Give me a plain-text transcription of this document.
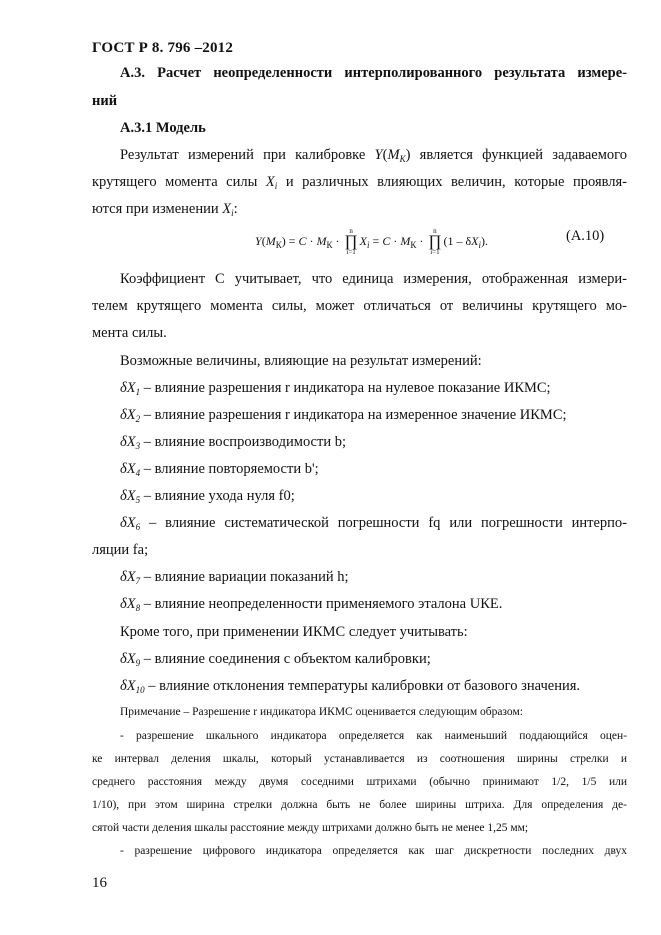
ГОСТ Р 8. 796 –2012
А.3. Расчет неопределенности интерполированного результата измере-
ний
А.3.1 Модель
Результат измерений при калибровке $Y(M_K)$ является функцией задаваемого
крутящего момента силы $X_i$ и различных влияющих величин, которые проявля-
ются при изменении $X_i$:
$Y(M_К) = C \cdot M_К$ ·
n
∏
i=1
$X_i = C \cdot M_К$ ·
n
∏
i=1
$(1 - \delta X_i)$.	(А.10)
Коэффициент C учитывает, что единица измерения, отображенная измери-
телем крутящего момента силы, может отличаться от величины крутящего мо-
мента силы.
Возможные величины, влияющие на результат измерений:
$\delta X_1$ – влияние разрешения r индикатора на нулевое показание ИКМС;
$\delta X_2$ – влияние разрешения r индикатора на измеренное значение ИКМС;
$\delta X_3$ – влияние воспроизводимости b;
$\delta X_4$ – влияние повторяемости b';
$\delta X_5$ – влияние ухода нуля f0;
$\delta X_6$ – влияние систематической погрешности fq или погрешности интерпо-
ляции fa;
$\delta X_7$ – влияние вариации показаний h;
$\delta X_8$ – влияние неопределенности применяемого эталона UКЕ.
Кроме того, при применении ИКМС следует учитывать:
$\delta X_9$ – влияние соединения с объектом калибровки;
$\delta X_{10}$ – влияние отклонения температуры калибровки от базового значения.
Примечание – Разрешение r индикатора ИКМС оценивается следующим образом:
- разрешение шкального индикатора определяется как наименьший поддающийся оцен-
ке интервал деления шкалы, который устанавливается из соотношения ширины стрелки и
среднего расстояния между двумя соседними штрихами (обычно принимают 1/2, 1/5 или
1/10), при этом ширина стрелки должна быть не более ширины штриха. Для определения де-
сятой части деления шкалы расстояние между штрихами должно быть не менее 1,25 мм;
- разрешение цифрового индикатора определяется как шаг дискретности последних двух
16
